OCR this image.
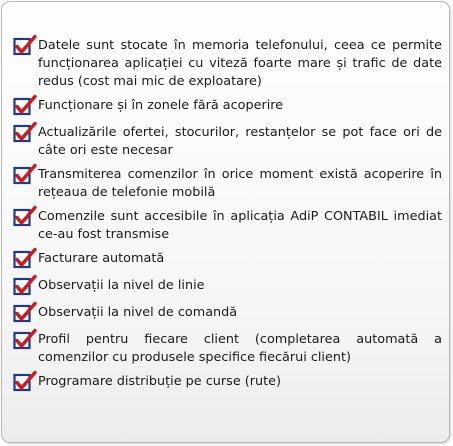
Datele sunt stocate în memoria telefonului, ceea ce permite funcționarea aplicației cu viteză foarte mare și trafic de date redus (cost mai mic de exploatare)
Funcționare și în zonele fără acoperire
Actualizările ofertei, stocurilor, restanțelor se pot face ori de câte ori este necesar
Transmiterea comenzilor în orice moment există acoperire în rețeaua de telefonie mobilă
Comenzile sunt accesibile în aplicația AdiP CONTABIL imediat ce-au fost transmise
Facturare automată
Observații la nivel de linie
Observații la nivel de comandă
Profil pentru fiecare client (completarea automată a comenzilor cu produsele specifice fiecărui client)
Programare distribuție pe curse (rute)
